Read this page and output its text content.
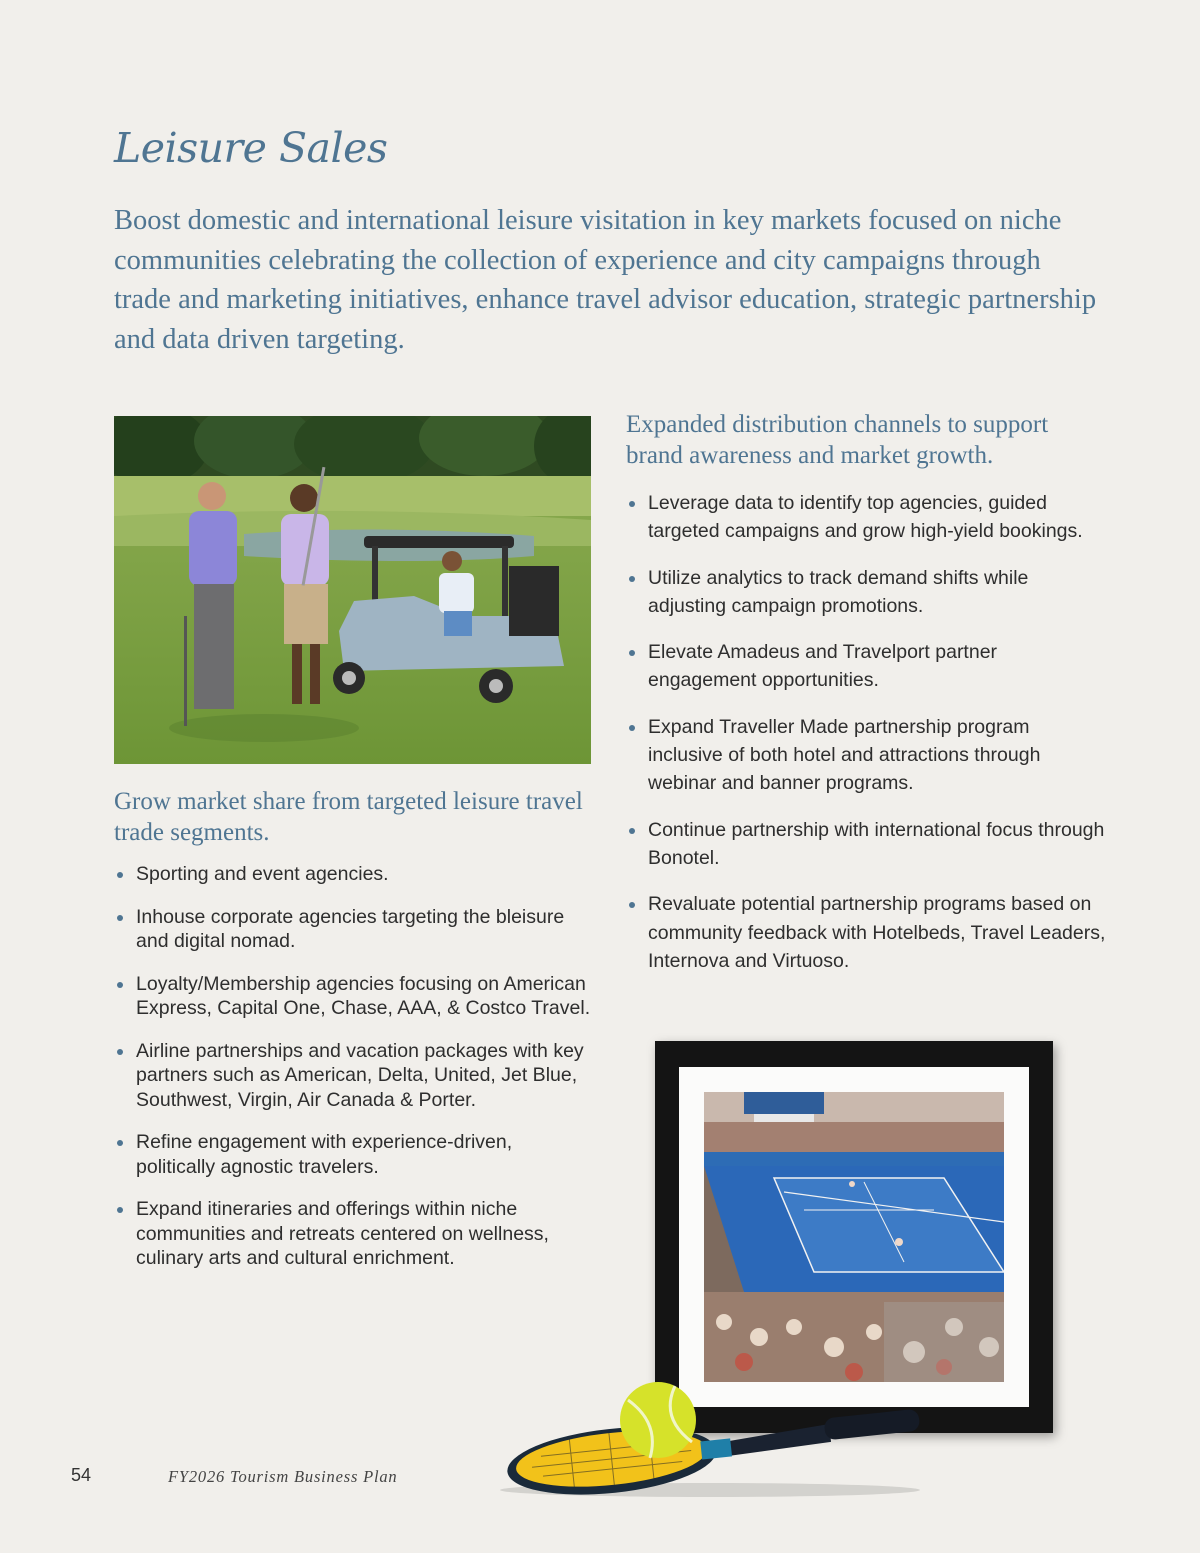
Leisure Sales

Boost domestic and international leisure visitation in key markets focused on niche communities celebrating the collection of experience and city campaigns through trade and marketing initiatives, enhance travel advisor education, strategic partnership and data driven targeting.

Grow market share from targeted leisure travel trade segments.
Sporting and event agencies.
Inhouse corporate agencies targeting the bleisure and digital nomad.
Loyalty/Membership agencies focusing on American Express, Capital One, Chase, AAA, & Costco Travel.
Airline partnerships and vacation packages with key partners such as American, Delta, United, Jet Blue, Southwest, Virgin, Air Canada & Porter.
Refine engagement with experience-driven, politically agnostic travelers.
Expand itineraries and offerings within niche communities and retreats centered on wellness, culinary arts and cultural enrichment.
Expanded distribution channels to support brand awareness and market growth.
Leverage data to identify top agencies, guided targeted campaigns and grow high-yield bookings.
Utilize analytics to track demand shifts while adjusting campaign promotions.
Elevate Amadeus and Travelport partner engagement opportunities.
Expand Traveller Made partnership program inclusive of both hotel and attractions through webinar and banner programs.
Continue partnership with international focus through Bonotel.
Revaluate potential partnership programs based on community feedback with Hotelbeds, Travel Leaders, Internova and Virtuoso.
54	FY2026 Tourism Business Plan
